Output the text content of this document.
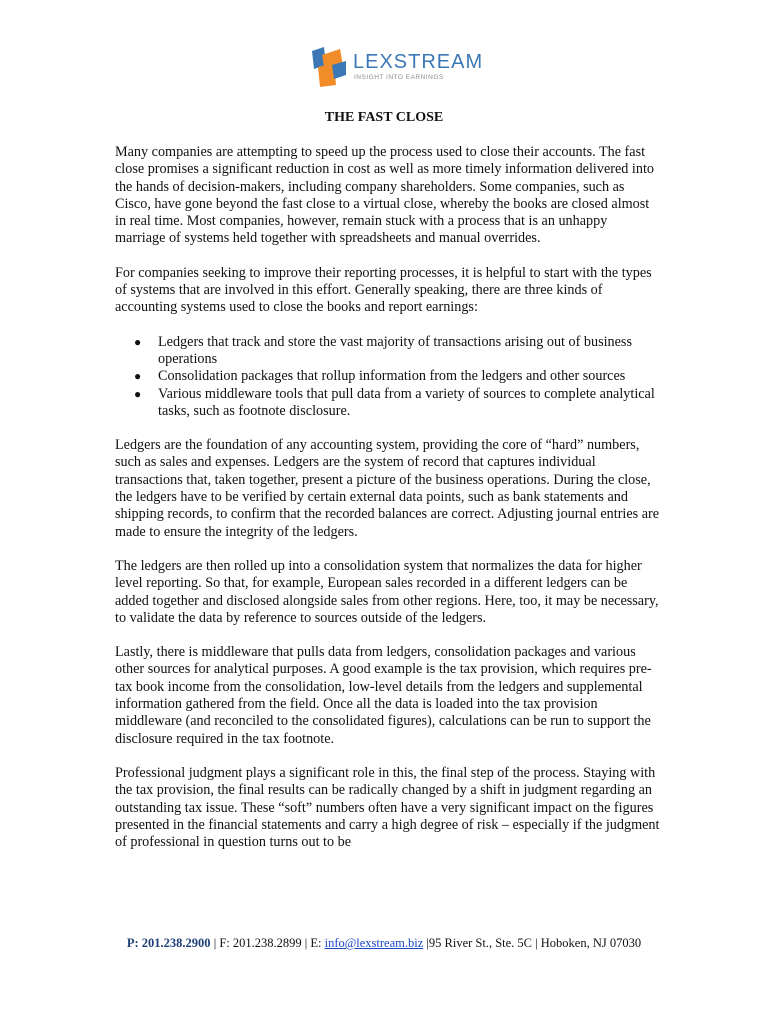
LEXSTREAM
INSIGHT INTO EARNINGS
THE FAST CLOSE

Many companies are attempting to speed up the process used to close their accounts. The fast close promises a significant reduction in cost as well as more timely information delivered into the hands of decision-makers, including company shareholders. Some companies, such as Cisco, have gone beyond the fast close to a virtual close, whereby the books are closed almost in real time. Most companies, however, remain stuck with a process that is an unhappy marriage of systems held together with spreadsheets and manual overrides.

For companies seeking to improve their reporting processes, it is helpful to start with the types of systems that are involved in this effort. Generally speaking, there are three kinds of accounting systems used to close the books and report earnings:

● Ledgers that track and store the vast majority of transactions arising out of business operations
● Consolidation packages that rollup information from the ledgers and other sources
● Various middleware tools that pull data from a variety of sources to complete analytical tasks, such as footnote disclosure.

Ledgers are the foundation of any accounting system, providing the core of “hard” numbers, such as sales and expenses. Ledgers are the system of record that captures individual transactions that, taken together, present a picture of the business operations. During the close, the ledgers have to be verified by certain external data points, such as bank statements and shipping records, to confirm that the recorded balances are correct. Adjusting journal entries are made to ensure the integrity of the ledgers.

The ledgers are then rolled up into a consolidation system that normalizes the data for higher level reporting. So that, for example, European sales recorded in a different ledgers can be added together and disclosed alongside sales from other regions. Here, too, it may be necessary, to validate the data by reference to sources outside of the ledgers.

Lastly, there is middleware that pulls data from ledgers, consolidation packages and various other sources for analytical purposes. A good example is the tax provision, which requires pre-tax book income from the consolidation, low-level details from the ledgers and supplemental information gathered from the field. Once all the data is loaded into the tax provision middleware (and reconciled to the consolidated figures), calculations can be run to support the disclosure required in the tax footnote.

Professional judgment plays a significant role in this, the final step of the process. Staying with the tax provision, the final results can be radically changed by a shift in judgment regarding an outstanding tax issue. These “soft” numbers often have a very significant impact on the figures presented in the financial statements and carry a high degree of risk – especially if the judgment of professional in question turns out to be

P: 201.238.2900 | F: 201.238.2899 | E: info@lexstream.biz |95 River St., Ste. 5C | Hoboken, NJ 07030
